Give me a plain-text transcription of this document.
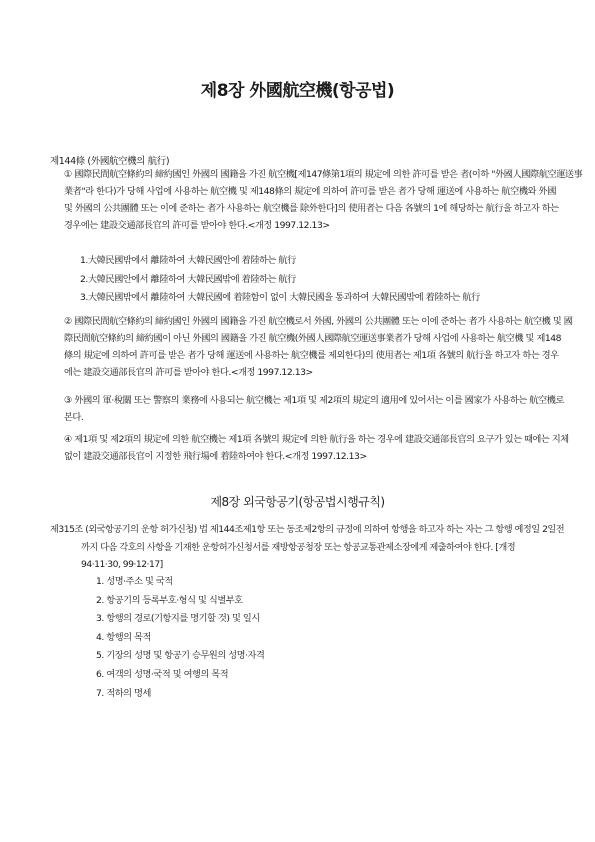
제8장 外國航空機(항공법)
제144條 (外國航空機의 航行)
① 國際民間航空條約의 締約國인 外國의 國籍을 가진 航空機[제147條第1項의 規定에 의한 許可를 받은 者(이하 "外國人國際航空運送事
業者"라 한다)가 당해 사업에 사용하는 航空機 및 제148條의 規定에 의하여 許可를 받은 者가 당해 運送에 사용하는 航空機와 外國
및 外國의 公共團體 또는 이에 준하는 者가 사용하는 航空機를 除外한다]의 使用者는 다음 各號의 1에 해당하는 航行을 하고자 하는
경우에는 建設交通部長官의 許可를 받아야 한다.<개정 1997.12.13>
1.大韓民國밖에서 離陸하여 大韓民國안에 着陸하는 航行
2.大韓民國안에서 離陸하여 大韓民國밖에 着陸하는 航行
3.大韓民國밖에서 離陸하여 大韓民國에 着陸함이 없이 大韓民國을 통과하여 大韓民國밖에 着陸하는 航行
② 國際民間航空條約의 締約國인 外國의 國籍을 가진 航空機로서 外國, 外國의 公共團體 또는 이에 준하는 者가 사용하는 航空機 및 國
際民間航空條約의 締約國이 아닌 外國의 國籍을 가진 航空機(外國人國際航空運送事業者가 당해 사업에 사용하는 航空機 및 제148
條의 規定에 의하여 許可를 받은 者가 당해 運送에 사용하는 航空機를 제외한다)의 使用者는 제1項 各號의 航行을 하고자 하는 경우
에는 建設交通部長官의 許可를 받아야 한다.<개정 1997.12.13>
③ 外國의 軍·稅關 또는 警察의 業務에 사용되는 航空機는 제1項 및 제2項의 規定의 適用에 있어서는 이를 國家가 사용하는 航空機로
본다.
④ 제1項 및 제2項의 規定에 의한 航空機는 제1項 各號의 規定에 의한 航行을 하는 경우에 建設交通部長官의 요구가 있는 때에는 지체
없이 建設交通部長官이 지정한 飛行場에 着陸하여야 한다.<개정 1997.12.13>
제8장 외국항공기(항공법시행규칙)
제315조 (외국항공기의 운항 허가신청) 법 제144조제1항 또는 동조제2항의 규정에 의하여 항행을 하고자 하는 자는 그 항행 예정일 2일전
까지 다음 각호의 사항을 기재한 운항허가신청서를 재방항공청장 또는 항공교통관제소장에게 제출하여야 한다. [개정
94·11·30, 99·12·17]
1. 성명·주소 및 국적
2. 항공기의 등록부호·형식 및 식별부호
3. 항행의 경로(기항지를 명기할 것) 및 일시
4. 항행의 목적
5. 기장의 성명 및 항공기 승무원의 성명·자격
6. 여객의 성명·국적 및 여행의 목적
7. 적하의 명세
